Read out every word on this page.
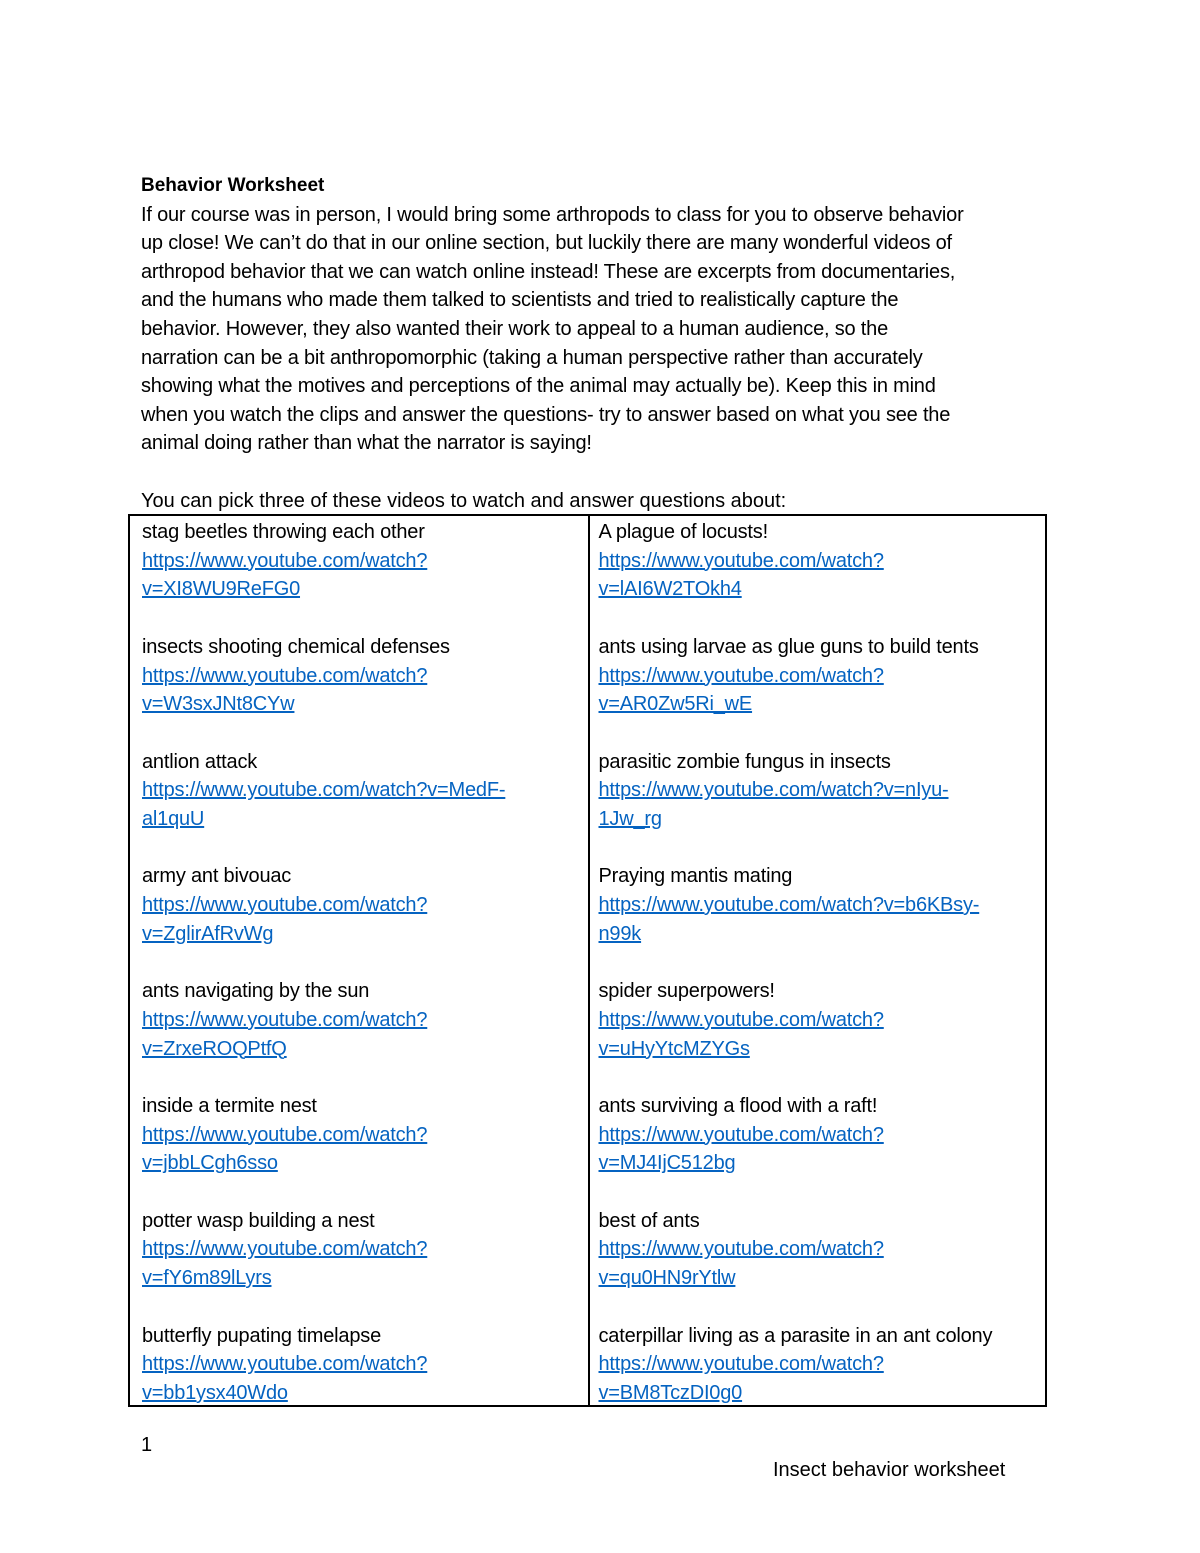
Behavior Worksheet

If our course was in person, I would bring some arthropods to class for you to observe behavior
up close! We can’t do that in our online section, but luckily there are many wonderful videos of
arthropod behavior that we can watch online instead! These are excerpts from documentaries,
and the humans who made them talked to scientists and tried to realistically capture the
behavior. However, they also wanted their work to appeal to a human audience, so the
narration can be a bit anthropomorphic (taking a human perspective rather than accurately
showing what the motives and perceptions of the animal may actually be). Keep this in mind
when you watch the clips and answer the questions- try to answer based on what you see the
animal doing rather than what the narrator is saying!

You can pick three of these videos to watch and answer questions about:

stag beetles throwing each other
https://www.youtube.com/watch?
v=XI8WU9ReFG0
insects shooting chemical defenses
https://www.youtube.com/watch?
v=W3sxJNt8CYw
antlion attack
https://www.youtube.com/watch?v=MedF-
al1quU
army ant bivouac
https://www.youtube.com/watch?
v=ZglirAfRvWg
ants navigating by the sun
https://www.youtube.com/watch?
v=ZrxeROQPtfQ
inside a termite nest
https://www.youtube.com/watch?
v=jbbLCgh6sso
potter wasp building a nest
https://www.youtube.com/watch?
v=fY6m89lLyrs
butterfly pupating timelapse
https://www.youtube.com/watch?
v=bb1ysx40Wdo
A plague of locusts!
https://www.youtube.com/watch?
v=lAI6W2TOkh4
ants using larvae as glue guns to build tents
https://www.youtube.com/watch?
v=AR0Zw5Ri_wE
parasitic zombie fungus in insects
https://www.youtube.com/watch?v=nIyu-
1Jw_rg
Praying mantis mating
https://www.youtube.com/watch?v=b6KBsy-
n99k
spider superpowers!
https://www.youtube.com/watch?
v=uHyYtcMZYGs
ants surviving a flood with a raft!
https://www.youtube.com/watch?
v=MJ4IjC512bg
best of ants
https://www.youtube.com/watch?
v=qu0HN9rYtlw
caterpillar living as a parasite in an ant colony
https://www.youtube.com/watch?
v=BM8TczDI0g0

1

Insect behavior worksheet
